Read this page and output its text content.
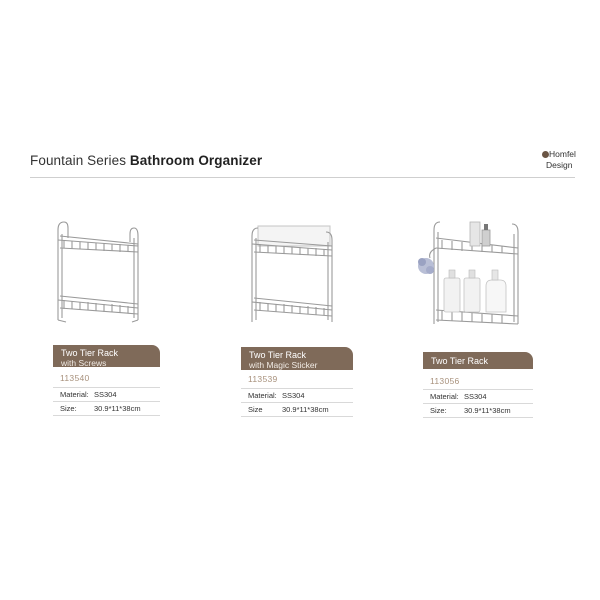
Fountain Series Bathroom Organizer	Homfel
Design
Two Tier Rack
with Screws
113540
Material: SS304
Size: 30.9*11*38cm
Two Tier Rack
with Magic Sticker
113539
Material: SS304
Size	30.9*11*38cm
Two Tier Rack
113056
Material: SS304
Size: 30.9*11*38cm
